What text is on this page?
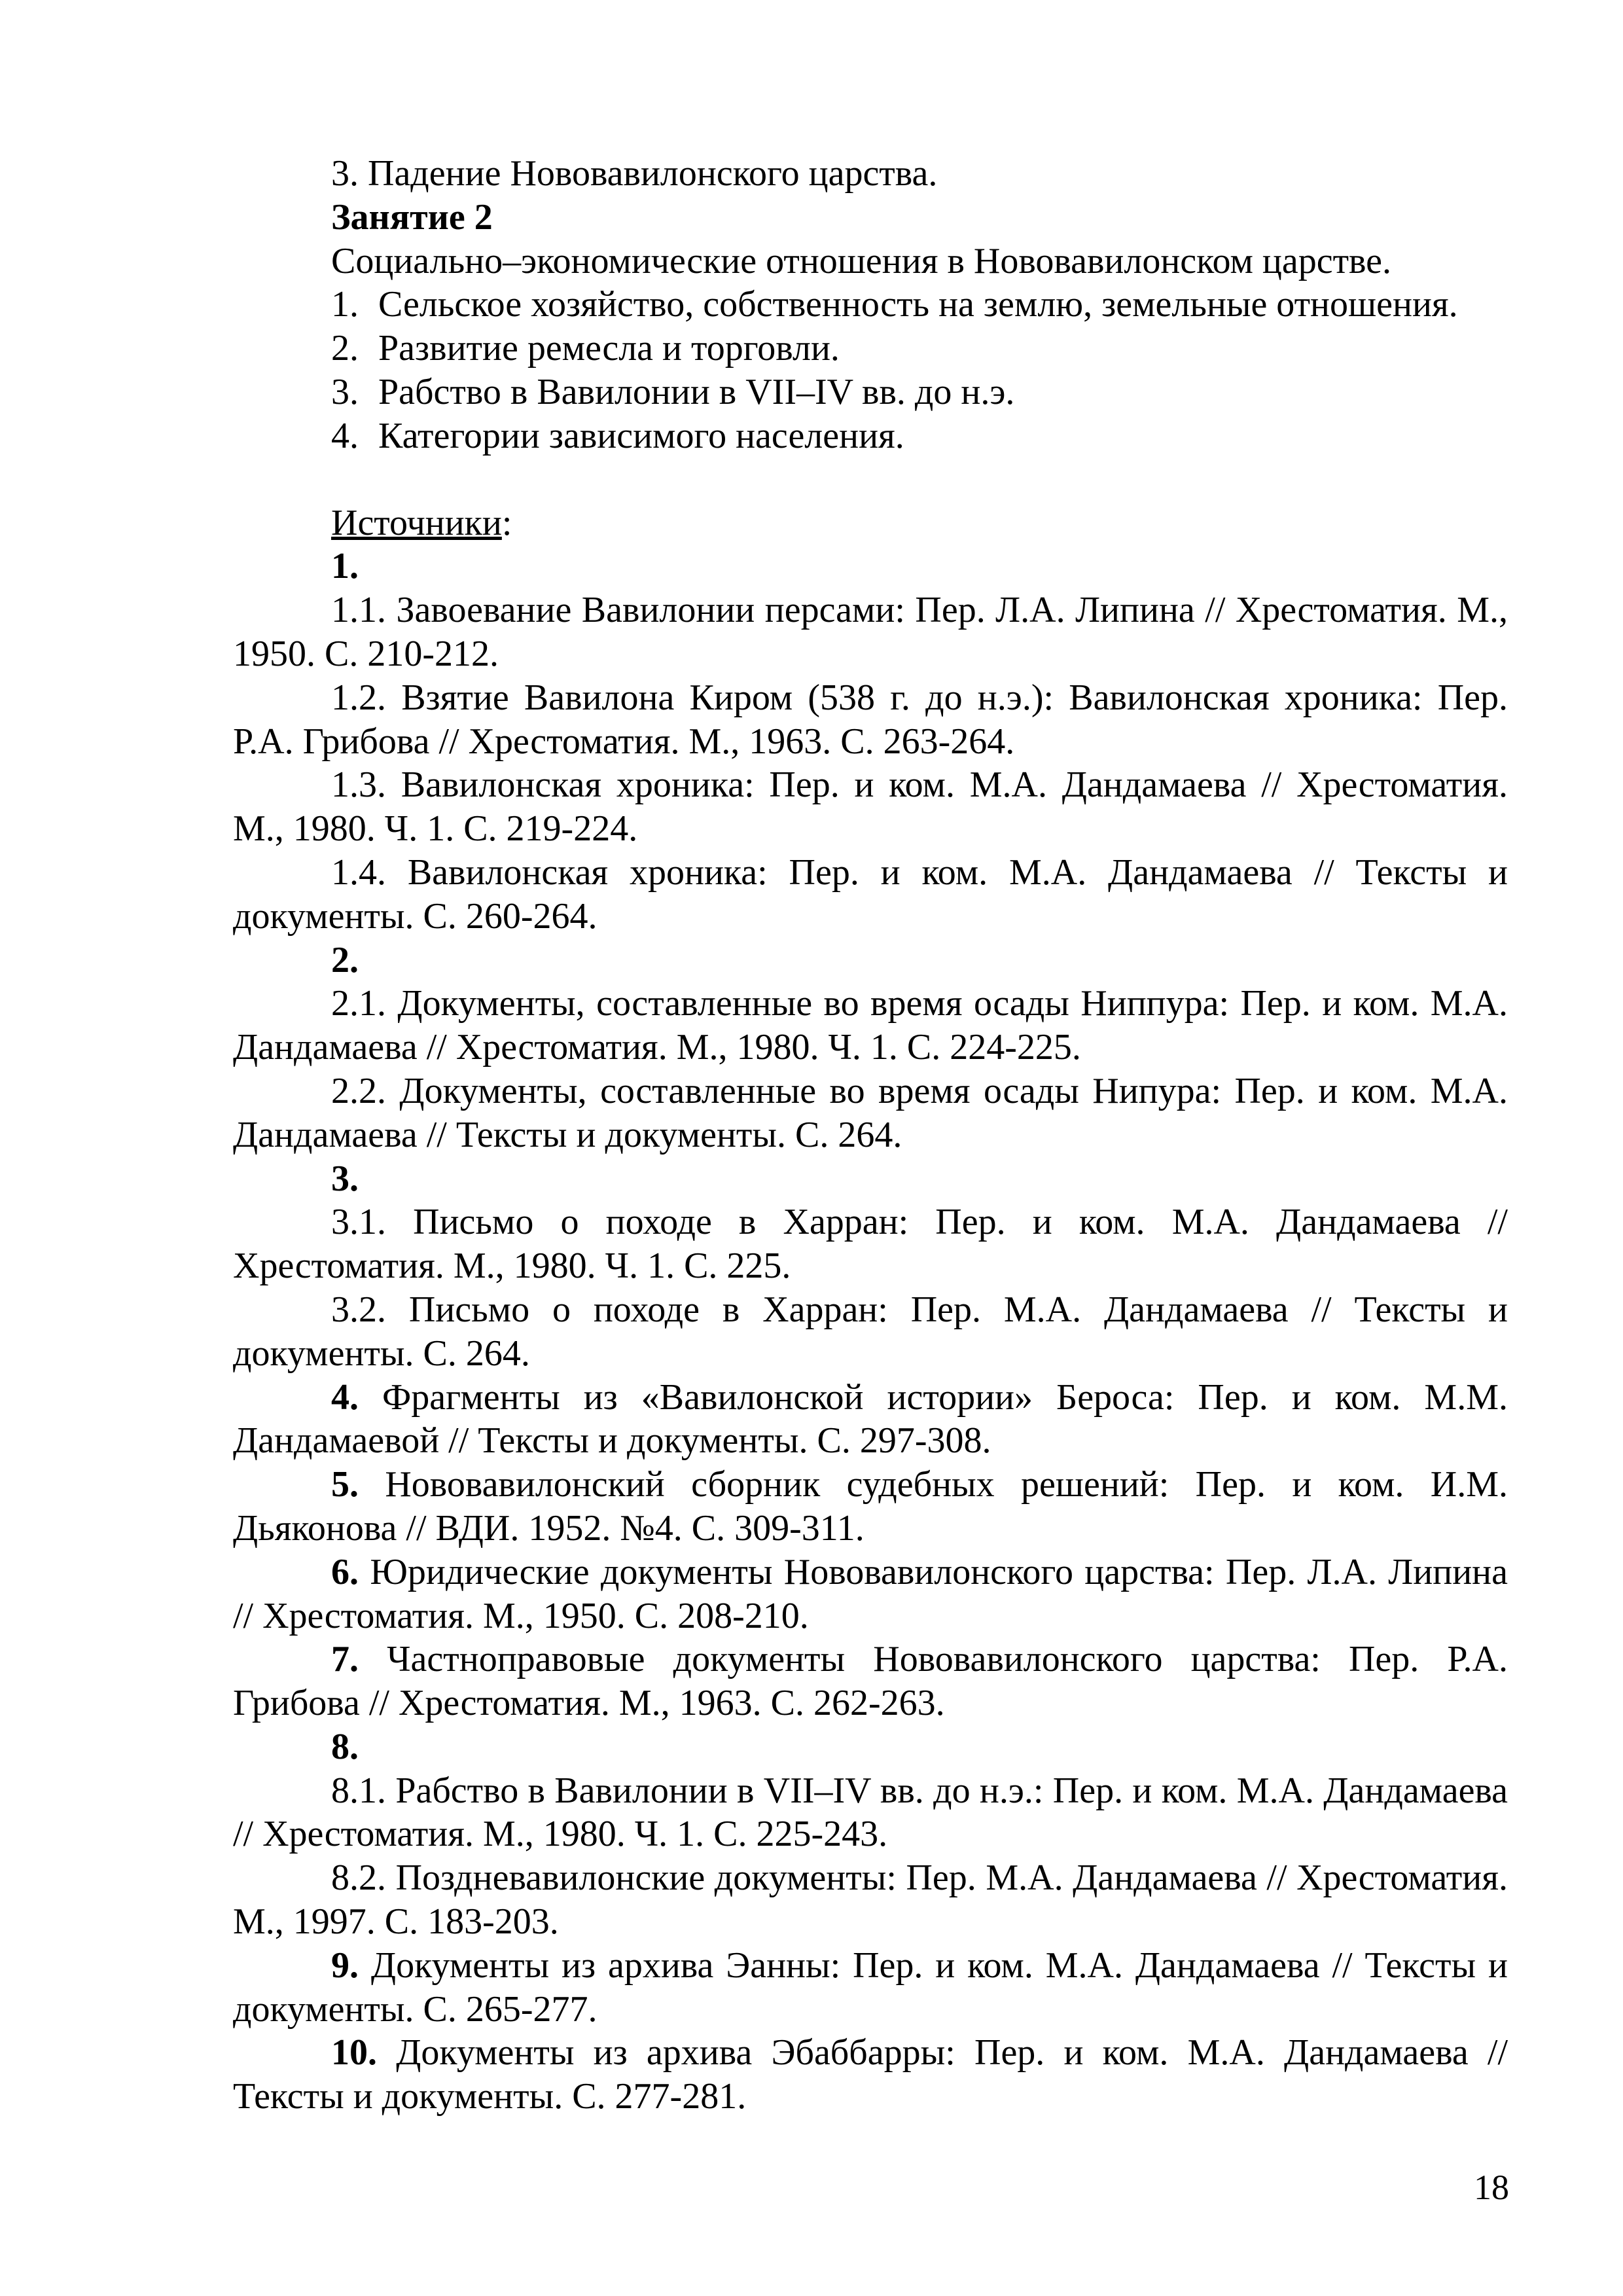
3. Падение Нововавилонского царства.
Занятие 2
Социально–экономические отношения в Нововавилонском царстве.
1. Сельское хозяйство, собственность на землю, земельные отношения.
2. Развитие ремесла и торговли.
3. Рабство в Вавилонии в VII–IV вв. до н.э.
4. Категории зависимого населения.
Источники:
1.
1.1. Завоевание Вавилонии персами: Пер. Л.А. Липина // Хрестоматия. М., 1950. С. 210-212.
1.2. Взятие Вавилона Киром (538 г. до н.э.): Вавилонская хроника: Пер. Р.А. Грибова // Хрестоматия. М., 1963. С. 263-264.
1.3. Вавилонская хроника: Пер. и ком. М.А. Дандамаева // Хрестоматия. М., 1980. Ч. 1. С. 219-224.
1.4. Вавилонская хроника: Пер. и ком. М.А. Дандамаева // Тексты и документы. С. 260-264.
2.
2.1. Документы, составленные во время осады Ниппура: Пер. и ком. М.А. Дандамаева // Хрестоматия. М., 1980. Ч. 1. С. 224-225.
2.2. Документы, составленные во время осады Нипура: Пер. и ком. М.А. Дандамаева // Тексты и документы. С. 264.
3.
3.1. Письмо о походе в Харран: Пер. и ком. М.А. Дандамаева // Хрестоматия. М., 1980. Ч. 1. С. 225.
3.2. Письмо о походе в Харран: Пер. М.А. Дандамаева // Тексты и документы. С. 264.
4. Фрагменты из «Вавилонской истории» Бероса: Пер. и ком. М.М. Дандамаевой // Тексты и документы. С. 297-308.
5. Нововавилонский сборник судебных решений: Пер. и ком. И.М. Дьяконова // ВДИ. 1952. №4. С. 309-311.
6. Юридические документы Нововавилонского царства: Пер. Л.А. Липина // Хрестоматия. М., 1950. С. 208-210.
7. Частноправовые документы Нововавилонского царства: Пер. Р.А. Грибова // Хрестоматия. М., 1963. С. 262-263.
8.
8.1. Рабство в Вавилонии в VII–IV вв. до н.э.: Пер. и ком. М.А. Дандамаева // Хрестоматия. М., 1980. Ч. 1. С. 225-243.
8.2. Поздневавилонские документы: Пер. М.А. Дандамаева // Хрестоматия. М., 1997. С. 183-203.
9. Документы из архива Эанны: Пер. и ком. М.А. Дандамаева // Тексты и документы. С. 265-277.
10. Документы из архива Эбаббарры: Пер. и ком. М.А. Дандамаева // Тексты и документы. С. 277-281.
18
